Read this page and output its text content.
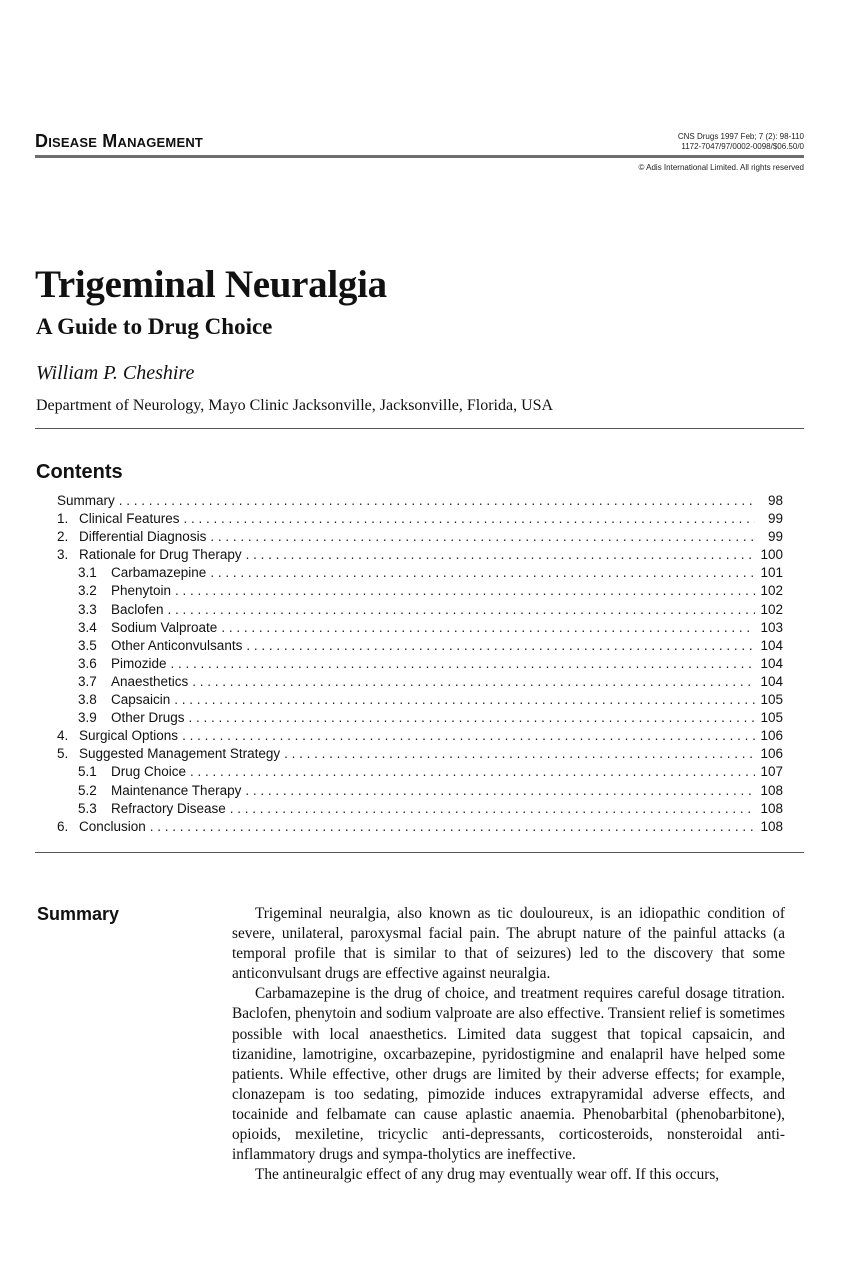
Disease Management	CNS Drugs 1997 Feb; 7 (2): 98-110
1172-7047/97/0002-0098/$06.50/0
© Adis International Limited. All rights reserved
Trigeminal Neuralgia
A Guide to Drug Choice
William P. Cheshire
Department of Neurology, Mayo Clinic Jacksonville, Jacksonville, Florida, USA
Contents
Summary . . .	98
1. Clinical Features . . .	99
2. Differential Diagnosis . . .	99
3. Rationale for Drug Therapy . . .	100
3.1	Carbamazepine . . .	101
3.2	Phenytoin . . .	102
3.3	Baclofen . . .	102
3.4	Sodium Valproate . . .	103
3.5	Other Anticonvulsants . . .	104
3.6	Pimozide . . .	104
3.7	Anaesthetics . . .	104
3.8	Capsaicin . . .	105
3.9	Other Drugs . . .	105
4. Surgical Options . . .	106
5. Suggested Management Strategy . . .	106
5.1	Drug Choice . . .	107
5.2	Maintenance Therapy . . .	108
5.3	Refractory Disease . . .	108
6. Conclusion . . .	108
Summary	Trigeminal neuralgia, also known as tic douloureux, is an idiopathic condition of severe, unilateral, paroxysmal facial pain. The abrupt nature of the painful attacks (a temporal profile that is similar to that of seizures) led to the discovery that some anticonvulsant drugs are effective against neuralgia.

Carbamazepine is the drug of choice, and treatment requires careful dosage titration. Baclofen, phenytoin and sodium valproate are also effective. Transient relief is sometimes possible with local anaesthetics. Limited data suggest that topical capsaicin, and tizanidine, lamotrigine, oxcarbazepine, pyridostigmine and enalapril have helped some patients. While effective, other drugs are limited by their adverse effects; for example, clonazepam is too sedating, pimozide induces extrapyramidal adverse effects, and tocainide and felbamate can cause aplastic anaemia. Phenobarbital (phenobarbitone), opioids, mexiletine, tricyclic anti-depressants, corticosteroids, nonsteroidal anti-inflammatory drugs and sympa-tholytics are ineffective.

The antineuralgic effect of any drug may eventually wear off. If this occurs,
